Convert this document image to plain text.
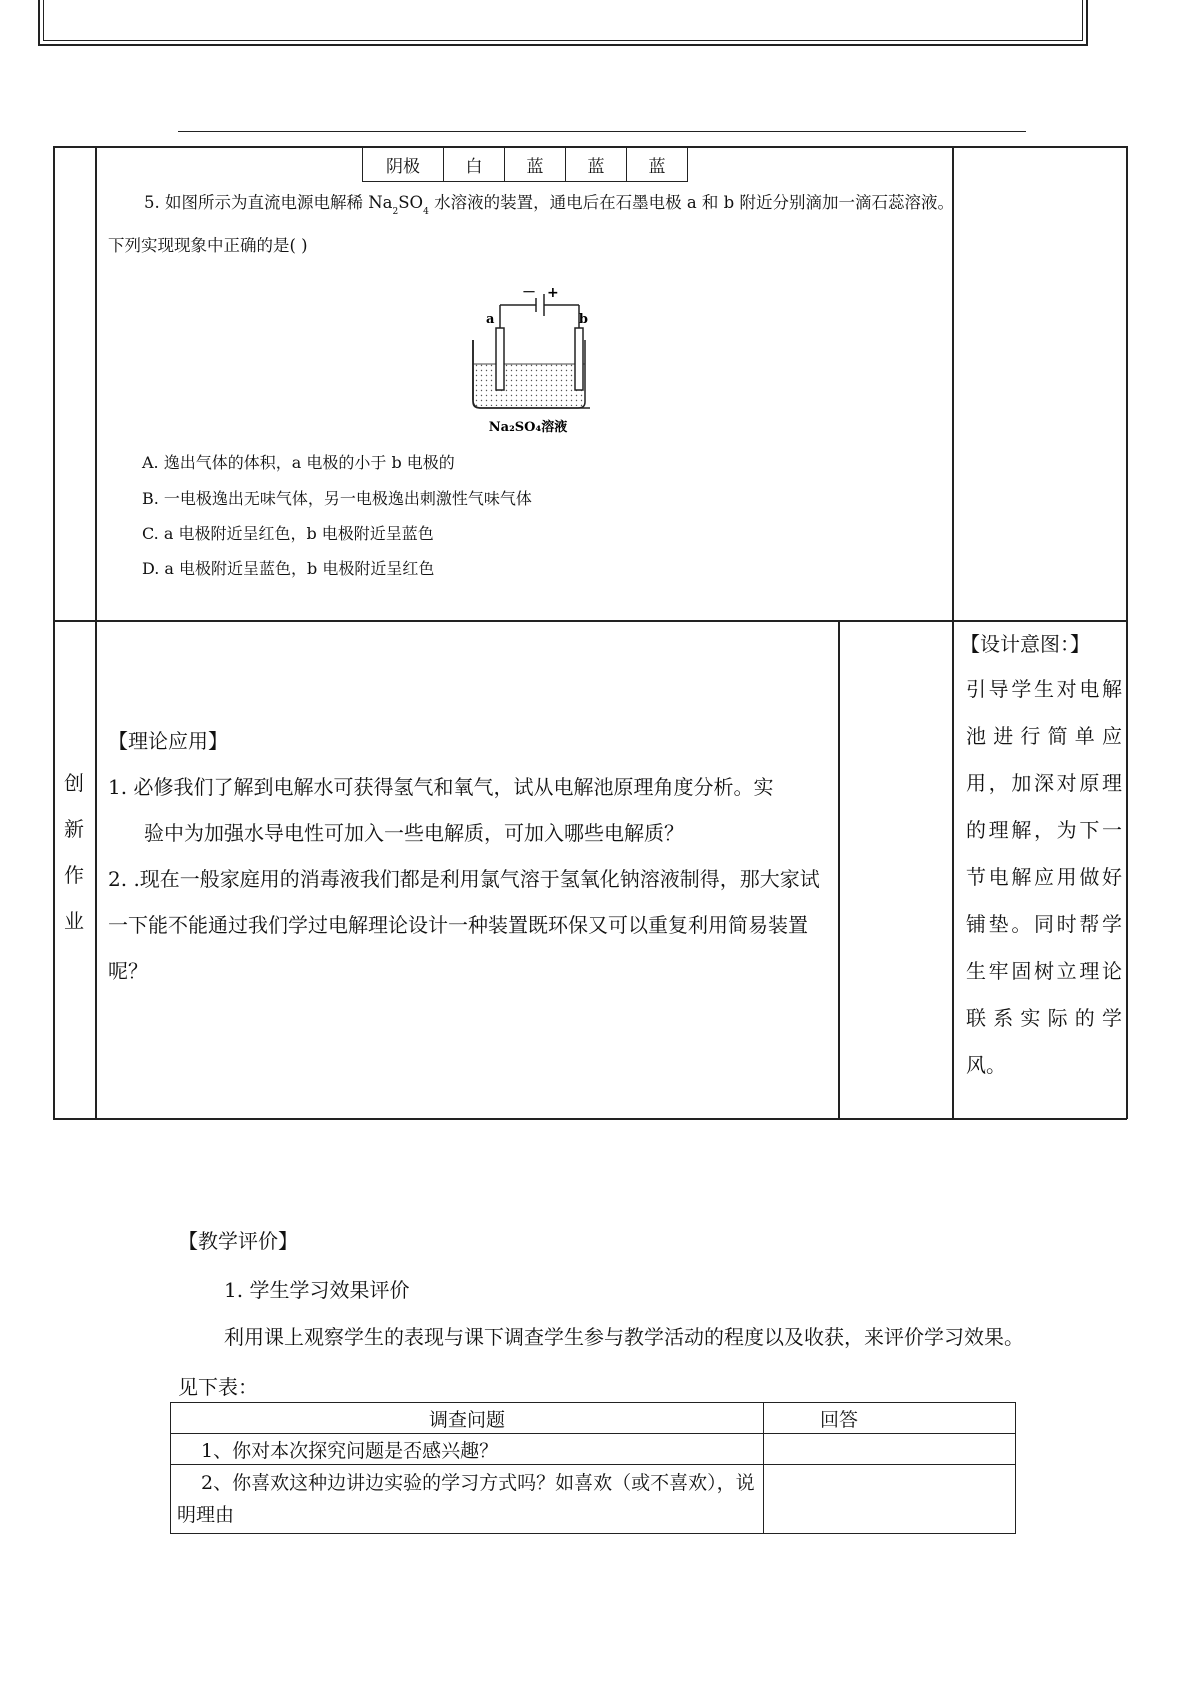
阴极	白	蓝	蓝	蓝
5. 如图所示为直流电源电解稀 $Na_2SO_4$ 水溶液的装置，通电后在石墨电极 a 和 b 附近分别滴加一滴石蕊溶液。下列实现现象中正确的是( )
－ +
a	b
Na₂SO₄溶液
A. 逸出气体的体积，a 电极的小于 b 电极的
B. 一电极逸出无味气体，另一电极逸出刺激性气味气体
C. a 电极附近呈红色，b 电极附近呈蓝色
D. a 电极附近呈蓝色，b 电极附近呈红色
创
新
作
业

【理论应用】

1. 必修我们了解到电解水可获得氢气和氧气，试从电解池原理角度分析。实

验中为加强水导电性可加入一些电解质，可加入哪些电解质？

2. .现在一般家庭用的消毒液我们都是利用氯气溶于氢氧化钠溶液制得，那大家试一下能不能通过我们学过电解理论设计一种装置既环保又可以重复利用简易装置呢？

【设计意图：】
引导学生对电解池进行简单应用，加深对原理的理解，为下一节电解应用做好铺垫。同时帮学生牢固树立理论联系实际的学风。
【教学评价】
1. 学生学习效果评价
利用课上观察学生的表现与课下调查学生参与教学活动的程度以及收获，来评价学习效果。见下表：
调查问题	回答
1、你对本次探究问题是否感兴趣？	
2、你喜欢这种边讲边实验的学习方式吗？如喜欢（或不喜欢），说明理由	
